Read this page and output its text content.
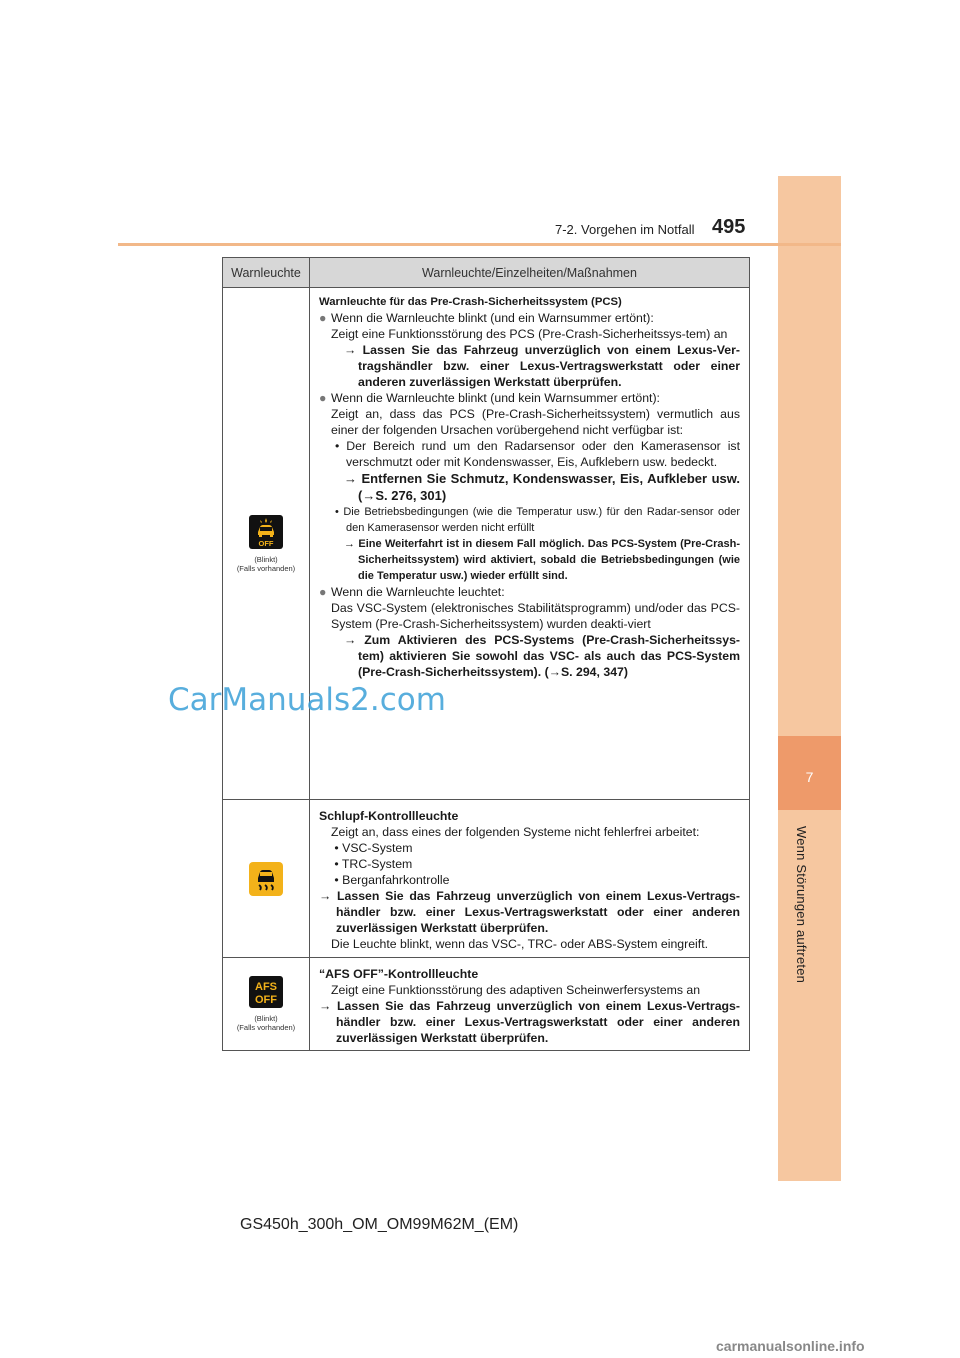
7
Wenn Störungen auftreten
7-2. Vorgehen im Notfall 495
Warnleuchte	Warnleuchte/Einzelheiten/Maßnahmen
OFF
(Blinkt)
(Falls vorhanden)
Warnleuchte für das Pre-Crash-Sicherheitssystem (PCS)
● Wenn die Warnleuchte blinkt (und ein Warnsummer ertönt):
Zeigt eine Funktionsstörung des PCS (Pre-Crash-Sicherheitssys-tem) an
→ Lassen Sie das Fahrzeug unverzüglich von einem Lexus-Ver-tragshändler bzw. einer Lexus-Vertragswerkstatt oder einer anderen zuverlässigen Werkstatt überprüfen.
● Wenn die Warnleuchte blinkt (und kein Warnsummer ertönt):
Zeigt an, dass das PCS (Pre-Crash-Sicherheitssystem) vermutlich aus einer der folgenden Ursachen vorübergehend nicht verfügbar ist:
• Der Bereich rund um den Radarsensor oder den Kamerasensor ist verschmutzt oder mit Kondenswasser, Eis, Aufklebern usw. bedeckt.
→ Entfernen Sie Schmutz, Kondenswasser, Eis, Aufkleber usw. (→S. 276, 301)
• Die Betriebsbedingungen (wie die Temperatur usw.) für den Radar-sensor oder den Kamerasensor werden nicht erfüllt
→ Eine Weiterfahrt ist in diesem Fall möglich. Das PCS-System (Pre-Crash-Sicherheitssystem) wird aktiviert, sobald die Betriebsbedingungen (wie die Temperatur usw.) wieder erfüllt sind.
● Wenn die Warnleuchte leuchtet:
Das VSC-System (elektronisches Stabilitätsprogramm) und/oder das PCS-System (Pre-Crash-Sicherheitssystem) wurden deakti-viert
→ Zum Aktivieren des PCS-Systems (Pre-Crash-Sicherheitssys-tem) aktivieren Sie sowohl das VSC- als auch das PCS-System (Pre-Crash-Sicherheitssystem). (→S. 294, 347)
Schlupf-Kontrollleuchte
Zeigt an, dass eines der folgenden Systeme nicht fehlerfrei arbeitet:
• VSC-System
• TRC-System
• Berganfahrkontrolle
→ Lassen Sie das Fahrzeug unverzüglich von einem Lexus-Vertrags-händler bzw. einer Lexus-Vertragswerkstatt oder einer anderen zuverlässigen Werkstatt überprüfen.
Die Leuchte blinkt, wenn das VSC-, TRC- oder ABS-System eingreift.
AFS
OFF
(Blinkt)
(Falls vorhanden)
“AFS OFF”-Kontrollleuchte
Zeigt eine Funktionsstörung des adaptiven Scheinwerfersystems an
→ Lassen Sie das Fahrzeug unverzüglich von einem Lexus-Vertrags-händler bzw. einer Lexus-Vertragswerkstatt oder einer anderen zuverlässigen Werkstatt überprüfen.
CarManuals2.com
GS450h_300h_OM_OM99M62M_(EM)
carmanualsonline.info
